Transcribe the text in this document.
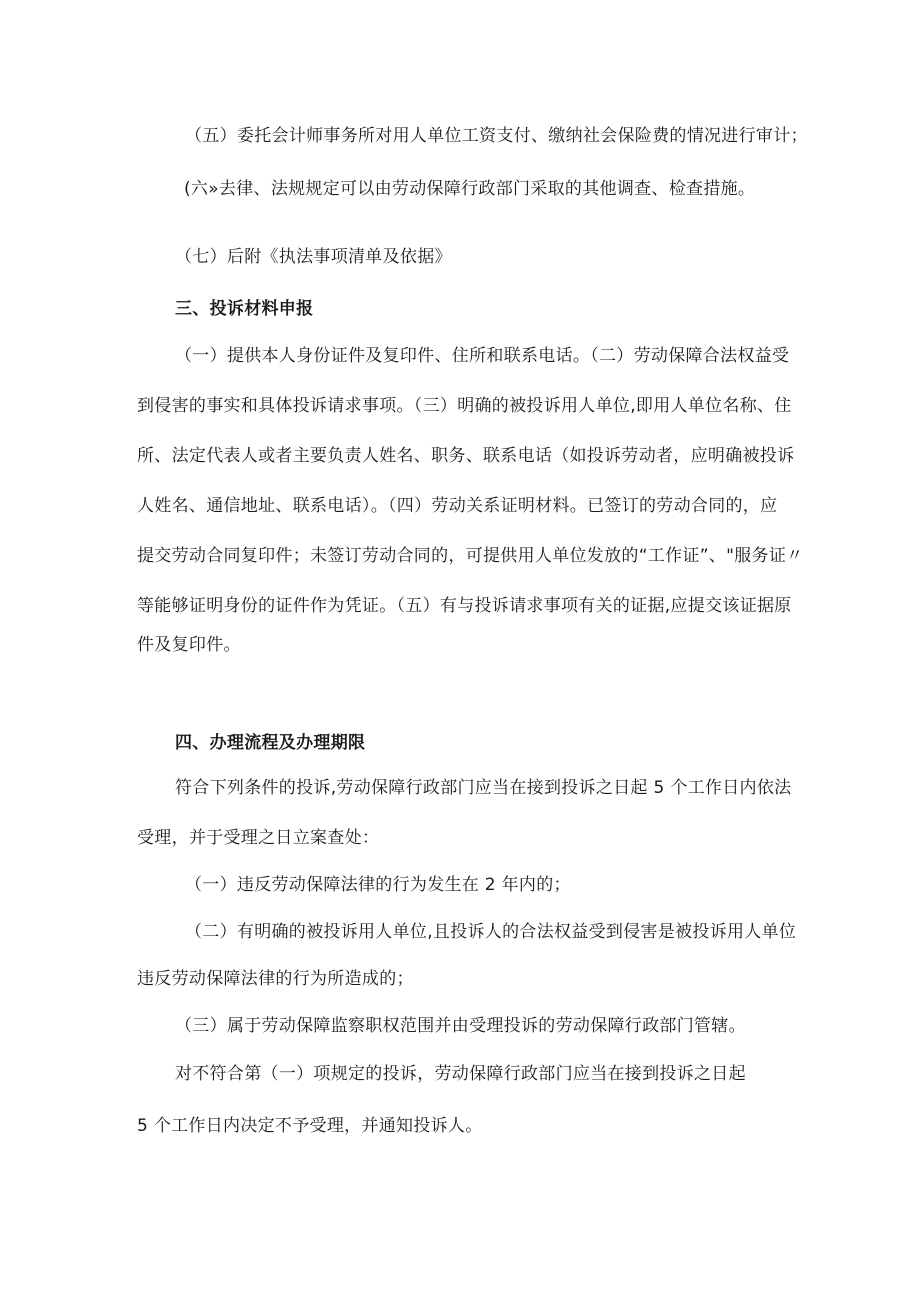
（五）委托会计师事务所对用人单位工资支付、缴纳社会保险费的情况进行审计；
(六»去律、法规规定可以由劳动保障行政部门采取的其他调查、检查措施。
（七）后附《执法事项清单及依据》
三、投诉材料申报
（一）提供本人身份证件及复印件、住所和联系电话。（二）劳动保障合法权益受
到侵害的事实和具体投诉请求事项。（三）明确的被投诉用人单位,即用人单位名称、住
所、法定代表人或者主要负责人姓名、职务、联系电话（如投诉劳动者，应明确被投诉
人姓名、通信地址、联系电话）。（四）劳动关系证明材料。已签订的劳动合同的，应
提交劳动合同复印件；未签订劳动合同的，可提供用人单位发放的“工作证”、"服务证〃
等能够证明身份的证件作为凭证。（五）有与投诉请求事项有关的证据,应提交该证据原
件及复印件。
四、办理流程及办理期限
符合下列条件的投诉,劳动保障行政部门应当在接到投诉之日起 5 个工作日内依法
受理，并于受理之日立案查处：
（一）违反劳动保障法律的行为发生在 2 年内的；
（二）有明确的被投诉用人单位,且投诉人的合法权益受到侵害是被投诉用人单位
违反劳动保障法律的行为所造成的；
（三）属于劳动保障监察职权范围并由受理投诉的劳动保障行政部门管辖。
对不符合第（一）项规定的投诉，劳动保障行政部门应当在接到投诉之日起
5 个工作日内决定不予受理，并通知投诉人。
